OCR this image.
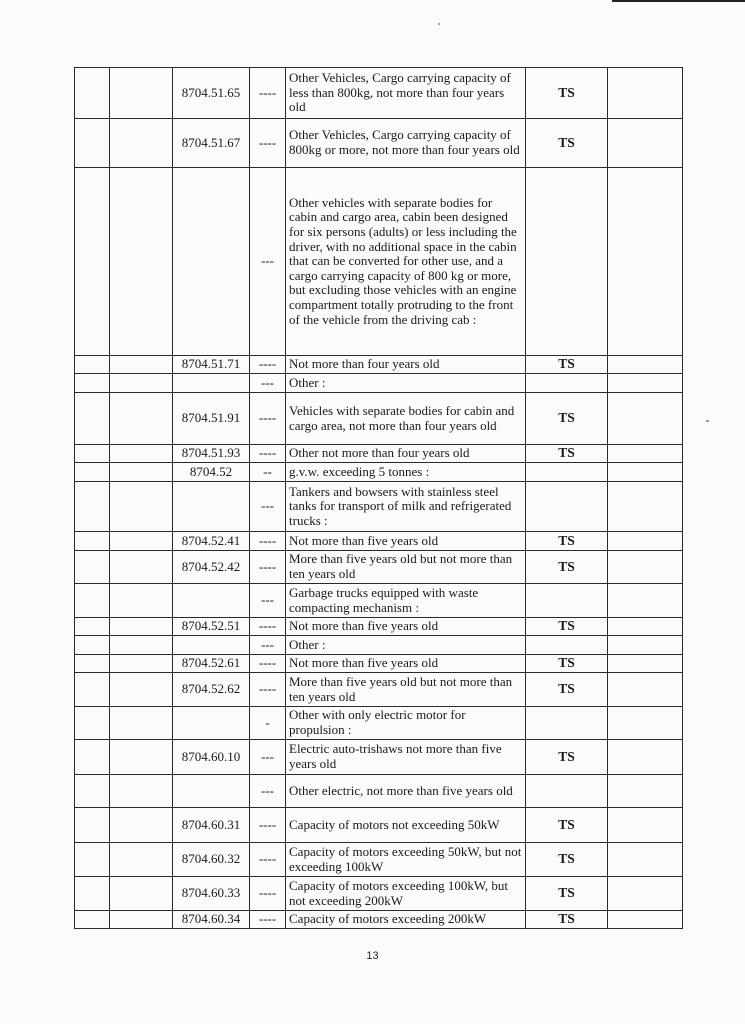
		8704.51.65	----	Other Vehicles, Cargo carrying capacity of less than 800kg, not more than four years old	TS	
		8704.51.67	----	Other Vehicles, Cargo carrying capacity of 800kg or more, not more than four years old	TS	
			---	Other vehicles with separate bodies for cabin and cargo area, cabin been designed for six persons (adults) or less including the driver, with no additional space in the cabin that can be converted for other use, and a cargo carrying capacity of 800 kg or more, but excluding those vehicles with an engine compartment totally protruding to the front of the vehicle from the driving cab :		
		8704.51.71	----	Not more than four years old	TS	
			---	Other :		
		8704.51.91	----	Vehicles with separate bodies for cabin and cargo area, not more than four years old	TS	
		8704.51.93	----	Other not more than four years old	TS	
		8704.52	--	g.v.w. exceeding 5 tonnes :		
			---	Tankers and bowsers with stainless steel tanks for transport of milk and refrigerated trucks :		
		8704.52.41	----	Not more than five years old	TS	
		8704.52.42	----	More than five years old but not more than ten years old	TS	
			---	Garbage trucks equipped with waste compacting mechanism :		
		8704.52.51	----	Not more than five years old	TS	
			---	Other :		
		8704.52.61	----	Not more than five years old	TS	
		8704.52.62	----	More than five years old but not more than ten years old	TS	
			-	Other with only electric motor for propulsion :		
		8704.60.10	---	Electric auto-trishaws not more than five years old	TS	
			---	Other electric, not more than five years old		
		8704.60.31	----	Capacity of motors not exceeding 50kW	TS	
		8704.60.32	----	Capacity of motors exceeding 50kW, but not exceeding 100kW	TS	
		8704.60.33	----	Capacity of motors exceeding 100kW, but not exceeding 200kW	TS	
		8704.60.34	----	Capacity of motors exceeding 200kW	TS	
13
